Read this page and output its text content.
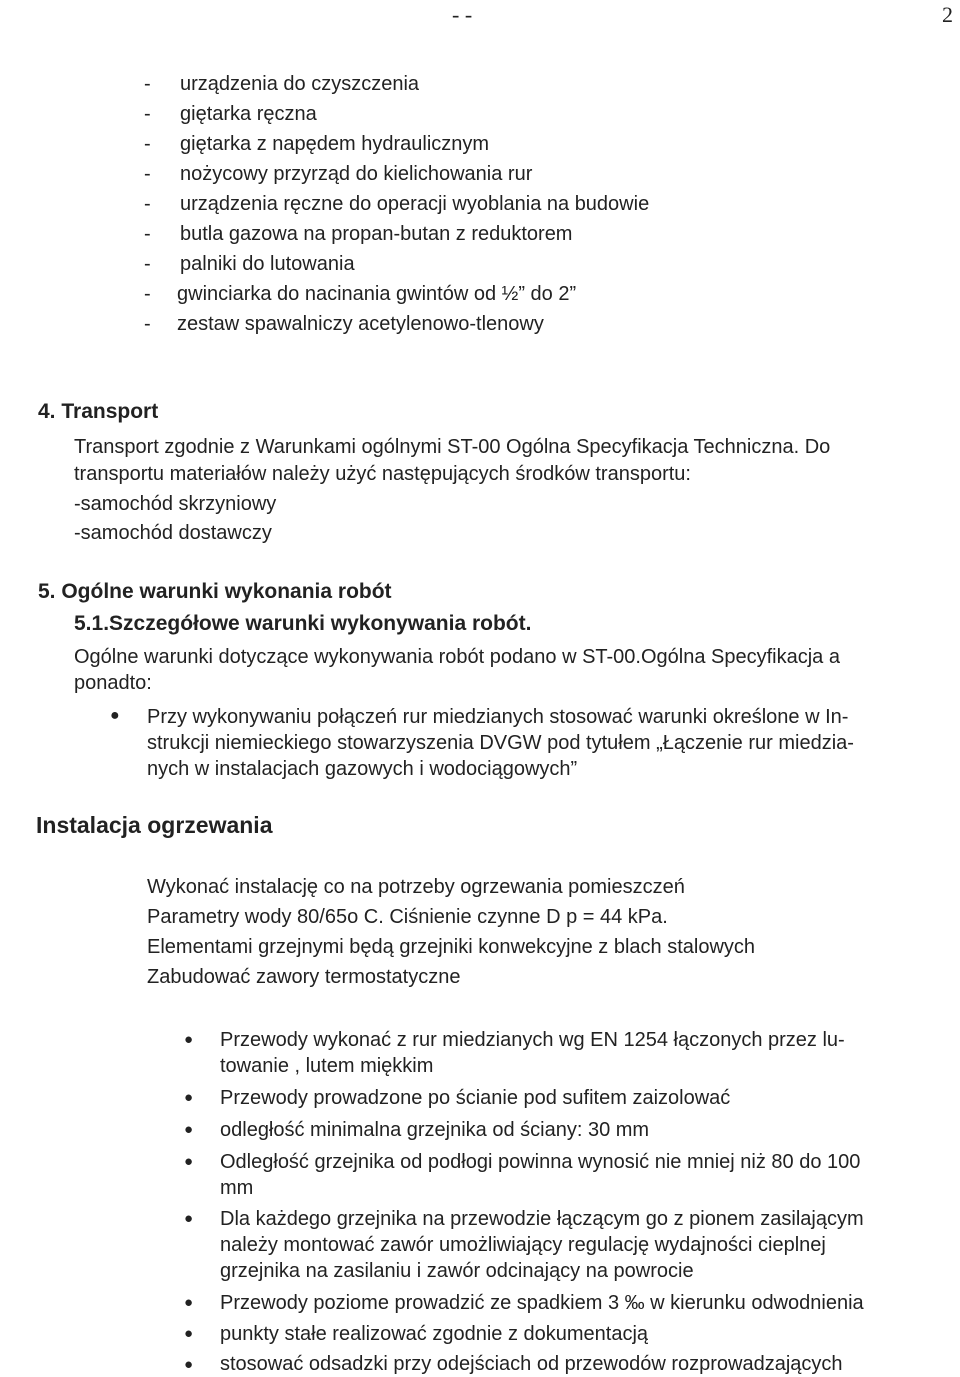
- -	2
- urządzenia do czyszczenia
- giętarka ręczna
- giętarka z napędem hydraulicznym
- nożycowy przyrząd do kielichowania rur
- urządzenia ręczne do operacji wyoblania na budowie
- butla gazowa na propan-butan z reduktorem
- palniki do lutowania
- gwinciarka do nacinania gwintów od ½” do 2”
- zestaw spawalniczy acetylenowo-tlenowy
4. Transport
Transport zgodnie z Warunkami ogólnymi ST-00 Ogólna Specyfikacja Techniczna. Do
transportu materiałów należy użyć następujących środków transportu:
-samochód skrzyniowy
-samochód dostawczy
5. Ogólne warunki wykonania robót
5.1.Szczegółowe warunki wykonywania robót.
Ogólne warunki dotyczące wykonywania robót podano w ST-00.Ogólna Specyfikacja a
ponadto:
● Przy wykonywaniu połączeń rur miedzianych stosować warunki określone w In-
strukcji niemieckiego stowarzyszenia DVGW pod tytułem „Łączenie rur miedzia-
nych w instalacjach gazowych i wodociągowych”
Instalacja ogrzewania
Wykonać instalację co na potrzeby ogrzewania pomieszczeń
Parametry wody 80/65o C. Ciśnienie czynne D p = 44 kPa.
Elementami grzejnymi będą grzejniki konwekcyjne z blach stalowych
Zabudować zawory termostatyczne
● Przewody wykonać z rur miedzianych wg EN 1254 łączonych przez lu-
towanie , lutem miękkim
● Przewody prowadzone po ścianie pod sufitem zaizolować
● odległość minimalna grzejnika od ściany: 30 mm
● Odległość grzejnika od podłogi powinna wynosić nie mniej niż 80 do 100
mm
● Dla każdego grzejnika na przewodzie łączącym go z pionem zasilającym
należy montować zawór umożliwiający regulację wydajności cieplnej
grzejnika na zasilaniu i zawór odcinający na powrocie
● Przewody poziome prowadzić ze spadkiem 3 ‰ w kierunku odwodnienia
● punkty stałe realizować zgodnie z dokumentacją
● stosować odsadzki przy odejściach od przewodów rozprowadzających
